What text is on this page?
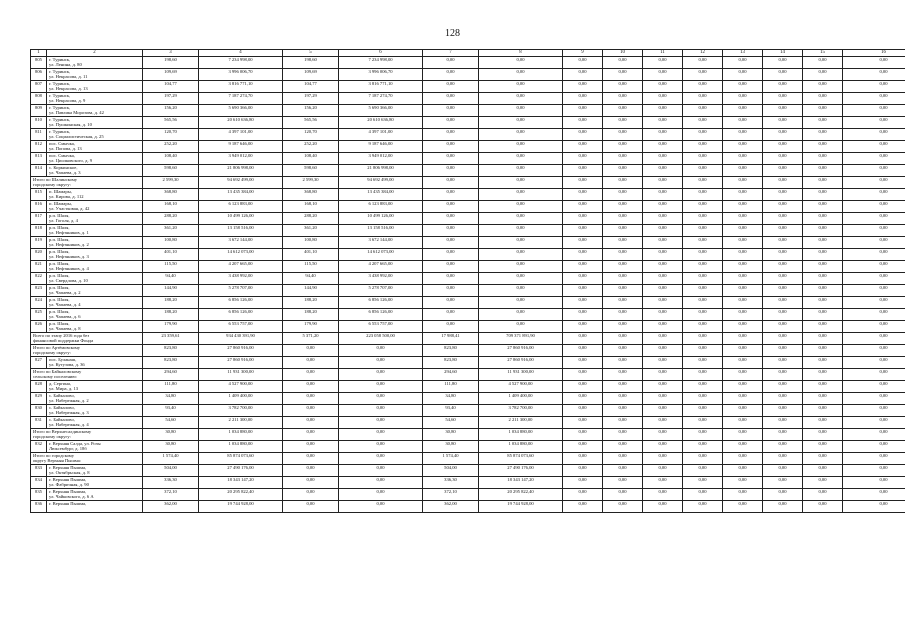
128
1	2	3	4	5	6	7	8	9	10	11	12	13	14	15	16
805	г. Туринск,
ул. Ленина, д. 80	198,60	7 234 998,00	198,60	7 234 998,00	0,00	0,00	0,00	0,00	0,00	0,00	0,00	0,00	0,00	0,00
806	г. Туринск,
ул. Некрасова, д. 11	109,69	3 996 006,70	109,69	3 996 006,70	0,00	0,00	0,00	0,00	0,00	0,00	0,00	0,00	0,00	0,00
807	г. Туринск,
ул. Некрасова, д. 13	104,77	3 816 771,10	104,77	3 816 771,10	0,00	0,00	0,00	0,00	0,00	0,00	0,00	0,00	0,00	0,00
808	г. Туринск,
ул. Некрасова, д. 9	197,29	7 187 274,70	197,29	7 187 274,70	0,00	0,00	0,00	0,00	0,00	0,00	0,00	0,00	0,00	0,00
809	г. Туринск,
ул. Павлика Морозова, д. 42	156,20	5 690 366,00	156,20	5 690 366,00	0,00	0,00	0,00	0,00	0,00	0,00	0,00	0,00	0,00	0,00
810	г. Туринск,
ул. Пушкинская, д. 10	565,56	20 610 636,80	565,56	20 610 636,80	0,00	0,00	0,00	0,00	0,00	0,00	0,00	0,00	0,00	0,00
811	г. Туринск,
ул. Социалистическая, д. 25	120,70	4 397 101,00	120,70	4 397 101,00	0,00	0,00	0,00	0,00	0,00	0,00	0,00	0,00	0,00	0,00
812	пос. Смычка,
ул. Попова, д. 13	252,20	9 187 646,00	252,20	9 187 646,00	0,00	0,00	0,00	0,00	0,00	0,00	0,00	0,00	0,00	0,00
813	пос. Смычка,
ул. Циолковского, д. 9	108,40	3 949 012,00	108,40	3 949 012,00	0,00	0,00	0,00	0,00	0,00	0,00	0,00	0,00	0,00	0,00
814	с. Коркинское,
ул. Чапаева, д. 3	598,60	21 806 998,00	598,60	21 806 998,00	0,00	0,00	0,00	0,00	0,00	0,00	0,00	0,00	0,00	0,00

Итого по Шалинскому
городскому округу:		2 599,30	94 692 499,00	2 599,30	94 692 499,00	0,00	0,00	0,00	0,00	0,00	0,00	0,00	0,00	0,00	0,00
815	п. Шамары,
ул. Кирова, д. 112	368,80	13 435 384,00	368,80	13 435 384,00	0,00	0,00	0,00	0,00	0,00	0,00	0,00	0,00	0,00	0,00
816	п. Шамары,
ул. Участковая, д. 42	168,10	6 123 883,00	168,10	6 123 883,00	0,00	0,00	0,00	0,00	0,00	0,00	0,00	0,00	0,00	0,00
817	р.п. Шаля,
ул. Гоголя, д. 4	288,20	10 499 126,00	288,20	10 499 126,00	0,00	0,00	0,00	0,00	0,00	0,00	0,00	0,00	0,00	0,00
818	р.п. Шаля,
ул. Нефтяников, д. 1	361,20	13 158 516,00	361,20	13 158 516,00	0,00	0,00	0,00	0,00	0,00	0,00	0,00	0,00	0,00	0,00
819	р.п. Шаля,
ул. Нефтяников, д. 2	100,80	3 672 144,00	100,80	3 672 144,00	0,00	0,00	0,00	0,00	0,00	0,00	0,00	0,00	0,00	0,00
820	р.п. Шаля,
ул. Нефтяников, д. 3	401,10	14 612 073,00	401,10	14 612 073,00	0,00	0,00	0,00	0,00	0,00	0,00	0,00	0,00	0,00	0,00
821	р.п. Шаля,
ул. Нефтяников, д. 4	115,50	4 207 665,00	115,50	4 207 665,00	0,00	0,00	0,00	0,00	0,00	0,00	0,00	0,00	0,00	0,00
822	р.п. Шаля,
ул. Свердлова, д. 10	94,40	3 438 992,00	94,40	3 438 992,00	0,00	0,00	0,00	0,00	0,00	0,00	0,00	0,00	0,00	0,00
823	р.п. Шаля,
ул. Чапаева, д. 2	144,90	5 278 707,00	144,90	5 278 707,00	0,00	0,00	0,00	0,00	0,00	0,00	0,00	0,00	0,00	0,00
824	р.п. Шаля,
ул. Чапаева, д. 4	188,20	6 856 126,00	188,20	6 856 126,00	0,00	0,00	0,00	0,00	0,00	0,00	0,00	0,00	0,00	0,00
825	р.п. Шаля,
ул. Чапаева, д. 6	188,20	6 856 126,00	188,20	6 856 126,00	0,00	0,00	0,00	0,00	0,00	0,00	0,00	0,00	0,00	0,00
826	р.п. Шаля,
ул. Чапаева, д. 8	179,90	6 553 757,00	179,90	6 553 757,00	0,00	0,00	0,00	0,00	0,00	0,00	0,00	0,00	0,00	0,00

Всего по этапу 2016 года без
финансовой поддержки Фонда		23 359,61	934 430 391,90	5 371,20	223 058 500,00	17 988,41	709 371 891,90	0,00	0,00	0,00	0,00	0,00	0,00	0,00	0,00

Итого по Артёмовскому
городскому округу:		823,80	27 860 916,00	0,00	0,00	823,80	27 860 916,00	0,00	0,00	0,00	0,00	0,00	0,00	0,00	0,00
827	пос. Буланаш,
ул. Кутузова, д. 36	823,80	27 860 916,00	0,00	0,00	823,80	27 860 916,00	0,00	0,00	0,00	0,00	0,00	0,00	0,00	0,00

Итого по Байкаловскому
сельскому поселению:		294,60	11 931 300,00	0,00	0,00	294,60	11 931 300,00	0,00	0,00	0,00	0,00	0,00	0,00	0,00	0,00
828	д. Сергина,
ул. Мира, д. 13	111,80	4 527 900,00	0,00	0,00	111,80	4 527 900,00	0,00	0,00	0,00	0,00	0,00	0,00	0,00	0,00
829	с. Байкалово,
ул. Набережная, д. 2	34,80	1 409 400,00	0,00	0,00	34,80	1 409 400,00	0,00	0,00	0,00	0,00	0,00	0,00	0,00	0,00
830	с. Байкалово,
ул. Набережная, д. 3	93,40	3 782 700,00	0,00	0,00	93,40	3 782 700,00	0,00	0,00	0,00	0,00	0,00	0,00	0,00	0,00
831	с. Байкалово,
ул. Набережная, д. 4	54,60	2 211 300,00	0,00	0,00	54,60	2 211 300,00	0,00	0,00	0,00	0,00	0,00	0,00	0,00	0,00

Итого по Верхнесалдинскому
городскому округу:		30,80	1 034 880,00	0,00	0,00	30,80	1 034 880,00	0,00	0,00	0,00	0,00	0,00	0,00	0,00	0,00
832	г. Верхняя Салда, ул. Розы
Люксембург, д. 18б	30,80	1 034 880,00	0,00	0,00	30,80	1 034 880,00	0,00	0,00	0,00	0,00	0,00	0,00	0,00	0,00

Итого по городскому
округу Верхняя Пышма:		1 574,40	85 874 073,60	0,00	0,00	1 574,40	85 874 073,60	0,00	0,00	0,00	0,00	0,00	0,00	0,00	0,00
833	г. Верхняя Пышма,
ул. Октябрьская, д. 8	504,00	27 490 176,00	0,00	0,00	504,00	27 490 176,00	0,00	0,00	0,00	0,00	0,00	0,00	0,00	0,00
834	г. Верхняя Пышма,
ул. Фабричная, д. 90	336,30	18 343 147,20	0,00	0,00	336,30	18 343 147,20	0,00	0,00	0,00	0,00	0,00	0,00	0,00	0,00
835	г. Верхняя Пышма,
ул. Чайковского, д. 6 А	372,10	20 295 822,40	0,00	0,00	372,10	20 295 822,40	0,00	0,00	0,00	0,00	0,00	0,00	0,00	0,00
836	г. Верхняя Пышма,	362,00	19 744 928,00	0,00	0,00	362,00	19 744 928,00	0,00	0,00	0,00	0,00	0,00	0,00	0,00	0,00
